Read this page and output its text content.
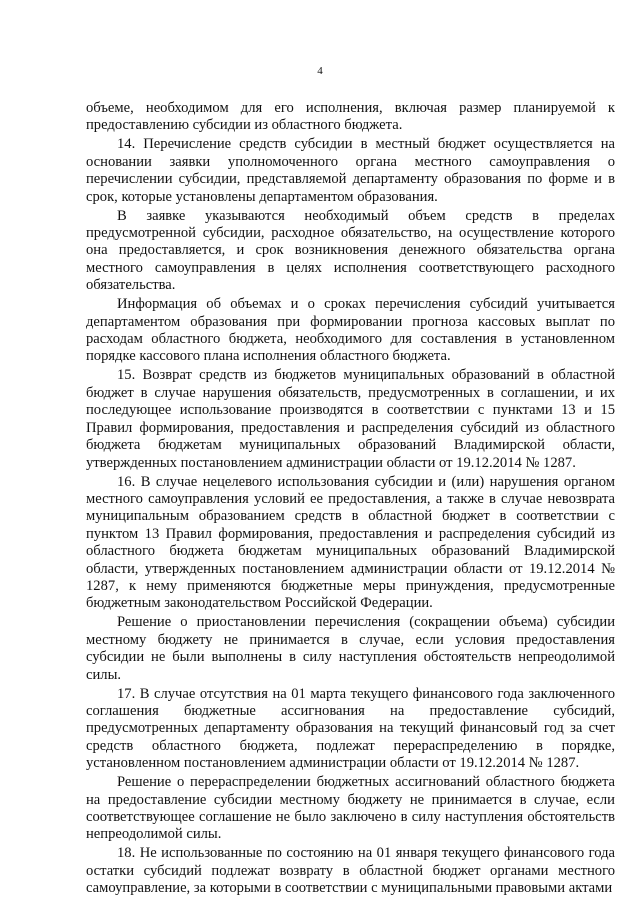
4

объеме, необходимом для его исполнения, включая размер планируемой к предоставлению субсидии из областного бюджета.

14. Перечисление средств субсидии в местный бюджет осуществляется на основании заявки уполномоченного органа местного самоуправления о перечислении субсидии, представляемой департаменту образования по форме и в срок, которые установлены департаментом образования.

В заявке указываются необходимый объем средств в пределах предусмотренной субсидии, расходное обязательство, на осуществление которого она предоставляется, и срок возникновения денежного обязательства органа местного самоуправления в целях исполнения соответствующего расходного обязательства.

Информация об объемах и о сроках перечисления субсидий учитывается департаментом образования при формировании прогноза кассовых выплат по расходам областного бюджета, необходимого для составления в установленном порядке кассового плана исполнения областного бюджета.

15. Возврат средств из бюджетов муниципальных образований в областной бюджет в случае нарушения обязательств, предусмотренных в соглашении, и их последующее использование производятся в соответствии с пунктами 13 и 15 Правил формирования, предоставления и распределения субсидий из областного бюджета бюджетам муниципальных образований Владимирской области, утвержденных постановлением администрации области от 19.12.2014 № 1287.

16. В случае нецелевого использования субсидии и (или) нарушения органом местного самоуправления условий ее предоставления, а также в случае невозврата муниципальным образованием средств в областной бюджет в соответствии с пунктом 13 Правил формирования, предоставления и распределения субсидий из областного бюджета бюджетам муниципальных образований Владимирской области, утвержденных постановлением администрации области от 19.12.2014 № 1287, к нему применяются бюджетные меры принуждения, предусмотренные бюджетным законодательством Российской Федерации.

Решение о приостановлении перечисления (сокращении объема) субсидии местному бюджету не принимается в случае, если условия предоставления субсидии не были выполнены в силу наступления обстоятельств непреодолимой силы.

17. В случае отсутствия на 01 марта текущего финансового года заключенного соглашения бюджетные ассигнования на предоставление субсидий, предусмотренных департаменту образования на текущий финансовый год за счет средств областного бюджета, подлежат перераспределению в порядке, установленном постановлением администрации области от 19.12.2014 № 1287.

Решение о перераспределении бюджетных ассигнований областного бюджета на предоставление субсидии местному бюджету не принимается в случае, если соответствующее соглашение не было заключено в силу наступления обстоятельств непреодолимой силы.

18. Не использованные по состоянию на 01 января текущего финансового года остатки субсидий подлежат возврату в областной бюджет органами местного самоуправление, за которыми в соответствии с муниципальными правовыми актами
